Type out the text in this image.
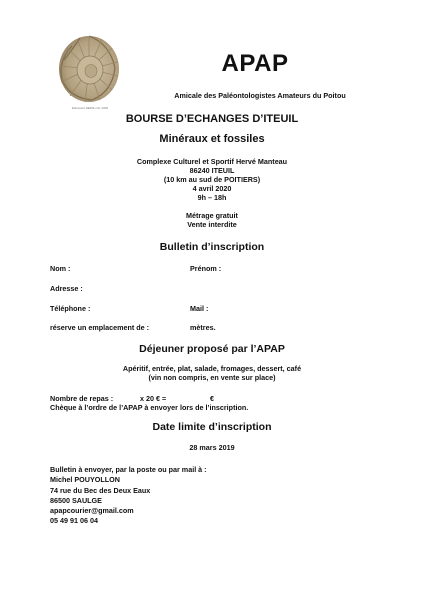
Manuscrit DEMS coll. 2020
APAP
Amicale des Paléontologistes Amateurs du Poitou
BOURSE D’ECHANGES D’ITEUIL
Minéraux et fossiles
Complexe Culturel et Sportif Hervé Manteau
86240 ITEUIL
(10 km au sud de POITIERS)
4 avril 2020
9h – 18h
Métrage gratuit
Vente interdite
Bulletin d’inscription
Nom :	Prénom :
Adresse :
Téléphone :	Mail :
réserve un emplacement de :	mètres.
Déjeuner proposé par l’APAP
Apéritif, entrée, plat, salade, fromages, dessert, café
(vin non compris, en vente sur place)
Nombre de repas :	x 20 € =	€
Chèque à l’ordre de l’APAP à envoyer lors de l’inscription.
Date limite d’inscription
28 mars 2019
Bulletin à envoyer, par la poste ou par mail à :
Michel POUYOLLON
74 rue du Bec des Deux Eaux
86500 SAULGE
apapcourier@gmail.com
05 49 91 06 04
